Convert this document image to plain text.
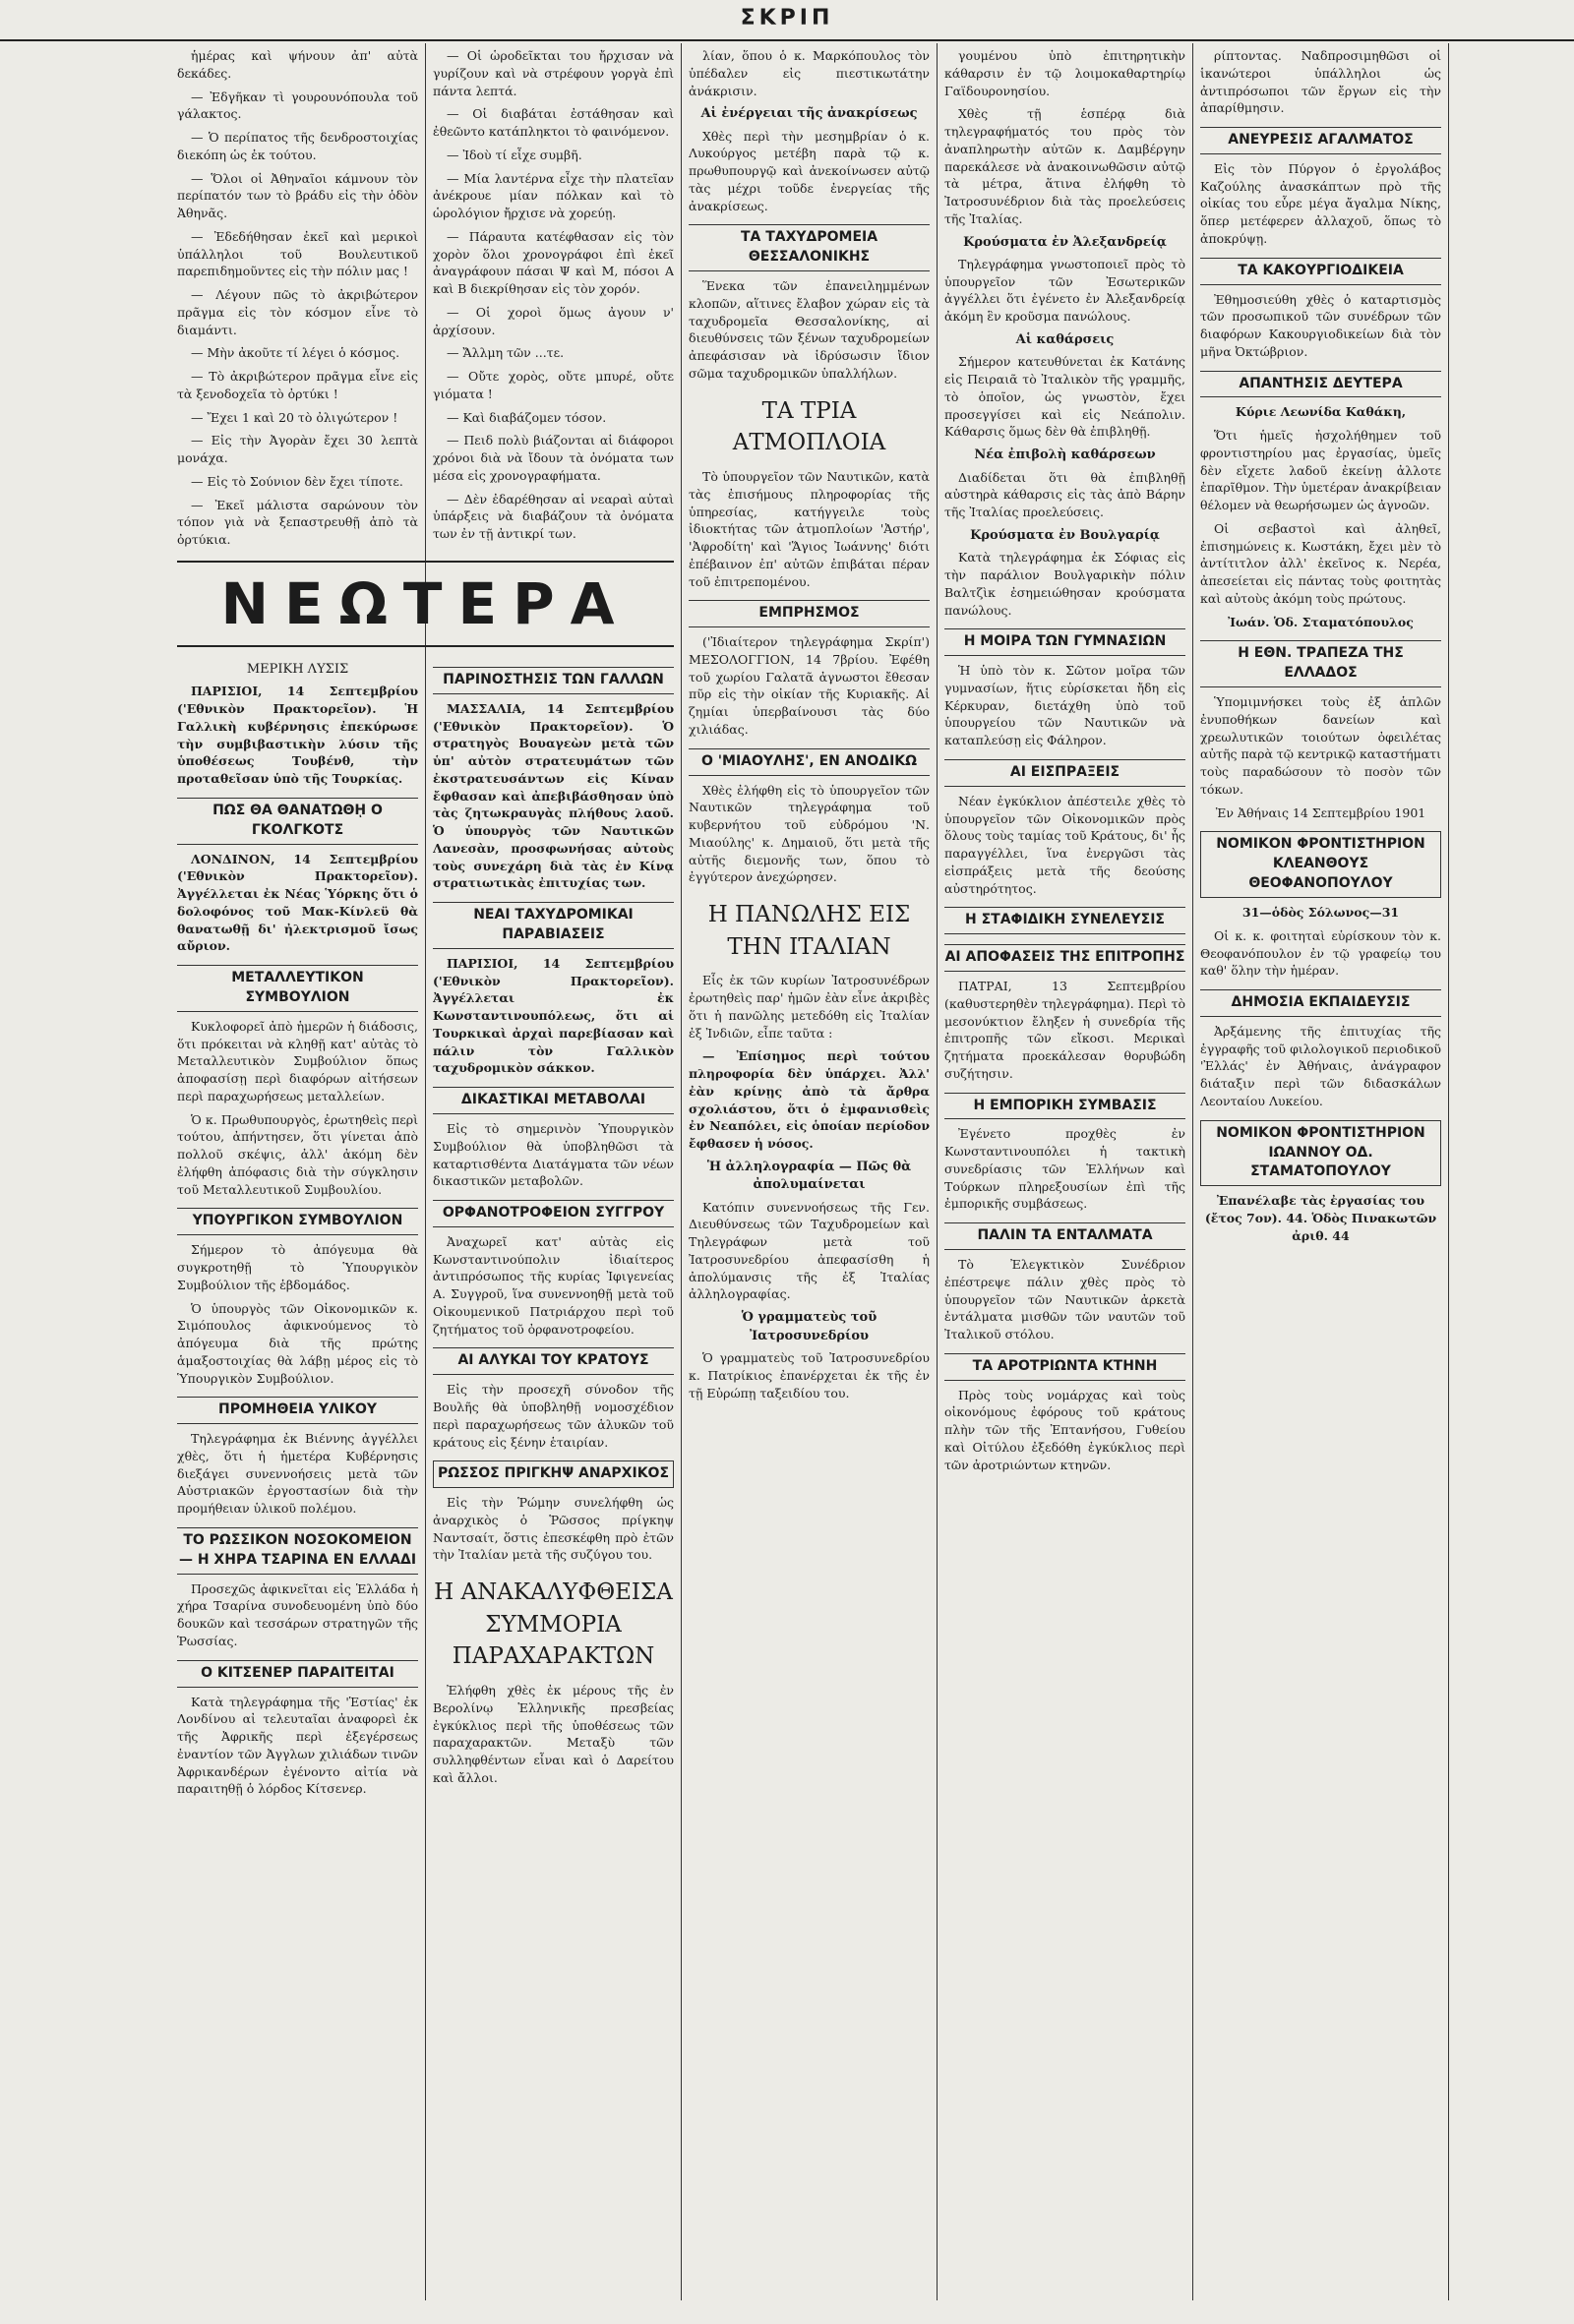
ΣΚΡΙΠ

ἡμέρας καὶ ψήνουν ἀπ' αὐτὰ δεκάδες.

— Ἐδγῆκαν τὶ γουρουνόπουλα τοῦ γάλακτος.

— Ὁ περίπατος τῆς δενδροστοιχίας διεκόπη ὡς ἐκ τούτου.

— Ὅλοι οἱ Ἀθηναῖοι κάμνουν τὸν περίπατόν των τὸ βράδυ εἰς τὴν ὁδὸν Ἀθηνᾶς.

— Ἐδεδήθησαν ἐκεῖ καὶ μερικοὶ ὑπάλληλοι τοῦ Βουλευτικοῦ παρεπιδημοῦντες εἰς τὴν πόλιν μας !

— Λέγουν πῶς τὸ ἀκριβώτερον πρᾶγμα εἰς τὸν κόσμον εἶνε τὸ διαμάντι.

— Μὴν ἀκοῦτε τί λέγει ὁ κόσμος.

— Τὸ ἀκριβώτερον πρᾶγμα εἶνε εἰς τὰ ξενοδοχεῖα τὸ ὀρτύκι !

— Ἔχει 1 καὶ 20 τὸ ὀλιγώτερον !

— Εἰς τὴν Ἀγορὰν ἔχει 30 λεπτὰ μονάχα.

— Εἰς τὸ Σούνιον δὲν ἔχει τίποτε.

— Ἐκεῖ μάλιστα σαρώνουν τὸν τόπον γιὰ νὰ ξεπαστρευθῇ ἀπὸ τὰ ὀρτύκια.

— Οἱ ὡροδεῖκται του ἤρχισαν νὰ γυρίζουν καὶ νὰ στρέφουν γοργὰ ἐπὶ πάντα λεπτά.

— Οἱ διαβάται ἐστάθησαν καὶ ἐθεῶντο κατάπληκτοι τὸ φαινόμενον.

— Ἰδοὺ τί εἶχε συμβῆ.

— Μία λαντέρνα εἶχε τὴν πλατεῖαν ἀνέκρουε μίαν πόλκαν καὶ τὸ ὡρολόγιον ἤρχισε νὰ χορεύῃ.

— Πάραυτα κατέφθασαν εἰς τὸν χορὸν ὅλοι χρονογράφοι ἐπὶ ἐκεῖ ἀναγράφουν πάσαι Ψ καὶ Μ, πόσοι Α καὶ Β διεκρίθησαν εἰς τὸν χορόν.

— Οἱ χοροὶ ὅμως ἀγουν ν' ἀρχίσουν.

— Ἄλλμη τῶν ...τε.

— Οὔτε χορὸς, οὔτε μπυρέ, οὔτε γιόματα !

— Καὶ διαβάζομεν τόσον.

— Πειδ πολὺ βιάζονται αἱ διάφοροι χρόνοι διὰ νὰ ἴδουν τὰ ὀνόματα των μέσα εἰς χρονογραφήματα.

— Δὲν ἐδαρέθησαν αἱ νεαραὶ αὐταὶ ὑπάρξεις νὰ διαβάζουν τὰ ὀνόματα των ἐν τῇ ἀντικρί των.

ΝΕΩΤΕΡΑ
ΜΕΡΙΚΗ ΛΥΣΙΣ

ΠΑΡΙΣΙΟΙ, 14 Σεπτεμβρίου ('Εθνικὸν Πρακτορεῖον). Ἡ Γαλλικὴ κυβέρνησις ἐπεκύρωσε τὴν συμβιβαστικὴν λύσιν τῆς ὑποθέσεως Τουβένθ, τὴν προταθεῖσαν ὑπὸ τῆς Τουρκίας.

ΠΩΣ ΘΑ ΘΑΝΑΤΩΘῌ Ο ΓΚΟΛΓΚΟΤΣ

ΛΟΝΔΙΝΟΝ, 14 Σεπτεμβρίου ('Εθνικὸν Πρακτορεῖον). Ἀγγέλλεται ἐκ Νέας Ὑόρκης ὅτι ὁ δολοφόνος τοῦ Μακ-Κίνλεϋ θὰ θανατωθῇ δι' ἠλεκτρισμοῦ ἴσως αὔριον.

ΜΕΤΑΛΛΕΥΤΙΚΟΝ ΣΥΜΒΟΥΛΙΟΝ

Κυκλοφορεῖ ἀπὸ ἡμερῶν ἡ διάδοσις, ὅτι πρόκειται νὰ κληθῇ κατ' αὐτὰς τὸ Μεταλλευτικὸν Συμβούλιον ὅπως ἀποφασίσῃ περὶ διαφόρων αἰτήσεων περὶ παραχωρήσεως μεταλλείων.

Ὁ κ. Πρωθυπουργὸς, ἐρωτηθεὶς περὶ τούτου, ἀπήντησεν, ὅτι γίνεται ἀπὸ πολλοῦ σκέψις, ἀλλ' ἀκόμη δὲν ἐλήφθη ἀπόφασις διὰ τὴν σύγκλησιν τοῦ Μεταλλευτικοῦ Συμβουλίου.

ΥΠΟΥΡΓΙΚΟΝ ΣΥΜΒΟΥΛΙΟΝ

Σήμερον τὸ ἀπόγευμα θὰ συγκροτηθῇ τὸ Ὑπουργικὸν Συμβούλιον τῆς ἑβδομάδος.

Ὁ ὑπουργὸς τῶν Οἰκονομικῶν κ. Σιμόπουλος ἀφικνούμενος τὸ ἀπόγευμα διὰ τῆς πρώτης ἁμαξοστοιχίας θὰ λάβῃ μέρος εἰς τὸ Ὑπουργικὸν Συμβούλιον.

ΠΡΟΜΗΘΕΙΑ ΥΛΙΚΟΥ

Τηλεγράφημα ἐκ Βιέννης ἀγγέλλει χθὲς, ὅτι ἡ ἡμετέρα Κυβέρνησις διεξάγει συνεννοήσεις μετὰ τῶν Αὐστριακῶν ἐργοστασίων διὰ τὴν προμήθειαν ὑλικοῦ πολέμου.

ΤΟ ΡΩΣΣΙΚΟΝ ΝΟΣΟΚΟΜΕΙΟΝ — Η ΧΗΡΑ ΤΣΑΡΙΝΑ ΕΝ ΕΛΛΑΔΙ

Προσεχῶς ἀφικνεῖται εἰς Ἑλλάδα ἡ χήρα Τσαρίνα συνοδευομένη ὑπὸ δύο δουκῶν καὶ τεσσάρων στρατηγῶν τῆς Ῥωσσίας.

Ο ΚΙΤΣΕΝΕΡ ΠΑΡΑΙΤΕΙΤΑΙ

Κατὰ τηλεγράφημα τῆς 'Ἑστίας' ἐκ Λονδίνου αἰ τελευταῖαι ἀναφορεὶ ἐκ τῆς Ἀφρικῆς περὶ ἐξεγέρσεως ἐναντίον τῶν Ἀγγλων χιλιάδων τινῶν Ἀφρικανδέρων ἐγένοντο αἰτία νὰ παραιτηθῇ ὁ λόρδος Κίτσενερ.

ΠΑΡΙΝΟΣΤΗΣΙΣ ΤΩΝ ΓΑΛΛΩΝ

ΜΑΣΣΑΛΙΑ, 14 Σεπτεμβρίου ('Εθνικὸν Πρακτορεῖον). Ὁ στρατηγὸς Βουαγεὼν μετὰ τῶν ὑπ' αὐτὸν στρατευμάτων τῶν ἐκστρατευσάντων εἰς Κίναν ἔφθασαν καὶ ἀπεβιβάσθησαν ὑπὸ τὰς ζητωκραυγὰς πλήθους λαοῦ. Ὁ ὑπουργὸς τῶν Ναυτικῶν Λανεσὰν, προσφωνήσας αὐτοὺς τοὺς συνεχάρη διὰ τὰς ἐν Κίνᾳ στρατιωτικὰς ἐπιτυχίας των.

ΝΕΑΙ ΤΑΧΥΔΡΟΜΙΚΑΙ ΠΑΡΑΒΙΑΣΕΙΣ

ΠΑΡΙΣΙΟΙ, 14 Σεπτεμβρίου ('Εθνικὸν Πρακτορεῖον). Ἀγγέλλεται ἐκ Κωνσταντινουπόλεως, ὅτι αἱ Τουρκικαὶ ἀρχαὶ παρεβίασαν καὶ πάλιν τὸν Γαλλικὸν ταχυδρομικὸν σάκκον.

ΔΙΚΑΣΤΙΚΑΙ ΜΕΤΑΒΟΛΑΙ

Εἰς τὸ σημερινὸν Ὑπουργικὸν Συμβούλιον θὰ ὑποβληθῶσι τὰ καταρτισθέντα Διατάγματα τῶν νέων δικαστικῶν μεταβολῶν.

ΟΡΦΑΝΟΤΡΟΦΕΙΟΝ ΣΥΓΓΡΟΥ

Ἀναχωρεῖ κατ' αὐτὰς εἰς Κωνσταντινούπολιν ἰδιαίτερος ἀντιπρόσωπος τῆς κυρίας Ἰφιγενείας Α. Συγγροῦ, ἵνα συνεννοηθῇ μετὰ τοῦ Οἰκουμενικοῦ Πατριάρχου περὶ τοῦ ζητήματος τοῦ ὀρφανοτροφείου.

ΑΙ ΑΛΥΚΑΙ ΤΟΥ ΚΡΑΤΟΥΣ

Εἰς τὴν προσεχῆ σύνοδον τῆς Βουλῆς θὰ ὑποβληθῇ νομοσχέδιον περὶ παραχωρήσεως τῶν ἁλυκῶν τοῦ κράτους εἰς ξένην ἑταιρίαν.

ΡΩΣΣΟΣ ΠΡΙΓΚΗΨ ΑΝΑΡΧΙΚΟΣ

Εἰς τὴν Ῥώμην συνελήφθη ὡς ἀναρχικὸς ὁ Ῥῶσσος πρίγκηψ Ναντσαίτ, ὅστις ἐπεσκέφθη πρὸ ἐτῶν τὴν Ἰταλίαν μετὰ τῆς συζύγου του.

Η ΑΝΑΚΑΛΥΦΘΕΙΣΑ ΣΥΜΜΟΡΙΑ ΠΑΡΑΧΑΡΑΚΤΩΝ

Ἐλήφθη χθὲς ἐκ μέρους τῆς ἐν Βερολίνῳ Ἑλληνικῆς πρεσβείας ἐγκύκλιος περὶ τῆς ὑποθέσεως τῶν παραχαρακτῶν. Μεταξὺ τῶν συλληφθέντων εἶναι καὶ ὁ Δαρείτου καὶ ἄλλοι.

λίαν, ὅπου ὁ κ. Μαρκόπουλος τὸν ὑπέδαλεν εἰς πιεστικωτάτην ἀνάκρισιν.

Αἱ ἐνέργειαι τῆς ἀνακρίσεως

Χθὲς περὶ τὴν μεσημβρίαν ὁ κ. Λυκούργος μετέβη παρὰ τῷ κ. πρωθυπουργῷ καὶ ἀνεκοίνωσεν αὐτῷ τὰς μέχρι τοῦδε ἐνεργείας τῆς ἀνακρίσεως.

ΤΑ ΤΑΧΥΔΡΟΜΕΙΑ ΘΕΣΣΑΛΟΝΙΚΗΣ

Ἕνεκα τῶν ἐπανειλημμένων κλοπῶν, αἵτινες ἔλαβον χώραν εἰς τὰ ταχυδρομεῖα Θεσσαλονίκης, αἱ διευθύνσεις τῶν ξένων ταχυδρομείων ἀπεφάσισαν νὰ ἱδρύσωσιν ἴδιον σῶμα ταχυδρομικῶν ὑπαλλήλων.

ΤΑ ΤΡΙΑ ΑΤΜΟΠΛΟΙΑ

Τὸ ὑπουργεῖον τῶν Ναυτικῶν, κατὰ τὰς ἐπισήμους πληροφορίας τῆς ὑπηρεσίας, κατήγγειλε τοὺς ἰδιοκτήτας τῶν ἀτμοπλοίων 'Ἀστήρ', 'Ἀφροδίτη' καὶ 'Ἅγιος Ἰωάννης' διότι ἐπέβαινον ἐπ' αὐτῶν ἐπιβάται πέραν τοῦ ἐπιτρεπομένου.

ΕΜΠΡΗΣΜΟΣ

('Ἰδιαίτερον τηλεγράφημα Σκρίπ') ΜΕΣΟΛΟΓΓΙΟΝ, 14 7βρίου. Ἐφέθη τοῦ χωρίου Γαλατᾶ ἀγνωστοι ἔθεσαν πῦρ εἰς τὴν οἰκίαν τῆς Κυριακῆς. Αἱ ζημίαι ὑπερβαίνουσι τὰς δύο χιλιάδας.

Ο 'ΜΙΑΟΥΛΗΣ', ΕΝ ΑΝΟΔΙΚΩ

Χθὲς ἐλήφθη εἰς τὸ ὑπουργεῖον τῶν Ναυτικῶν τηλεγράφημα τοῦ κυβερνήτου τοῦ εὐδρόμου 'Ν. Μιαούλης' κ. Δημαιοῦ, ὅτι μετὰ τῆς αὐτῆς διεμονῆς των, ὅπου τὸ ἐγγύτερον ἀνεχώρησεν.

Η ΠΑΝΩΛΗΣ ΕΙΣ ΤΗΝ ΙΤΑΛΙΑΝ

Εἷς ἐκ τῶν κυρίων Ἰατροσυνέδρων ἐρωτηθεὶς παρ' ἡμῶν ἐὰν εἶνε ἀκριβὲς ὅτι ἡ πανῶλης μετεδόθη εἰς Ἰταλίαν ἐξ Ἰνδιῶν, εἶπε ταῦτα :

— Ἐπίσημος περὶ τούτου πληροφορία δὲν ὑπάρχει. Ἀλλ' ἐὰν κρίνῃς ἀπὸ τὰ ἄρθρα σχολιάστου, ὅτι ὁ ἐμφανισθεὶς ἐν Νεαπόλει, εἰς ὁποίαν περίοδον ἔφθασεν ἡ νόσος.

Ἡ ἀλληλογραφία — Πῶς θὰ ἀπολυμαίνεται

Κατόπιν συνεννοήσεως τῆς Γεν. Διευθύνσεως τῶν Ταχυδρομείων καὶ Τηλεγράφων μετὰ τοῦ Ἰατροσυνεδρίου ἀπεφασίσθη ἡ ἀπολύμανσις τῆς ἐξ Ἰταλίας ἀλληλογραφίας.

Ὁ γραμματεὺς τοῦ Ἰατροσυνεδρίου

Ὁ γραμματεὺς τοῦ Ἰατροσυνεδρίου κ. Πατρίκιος ἐπανέρχεται ἐκ τῆς ἐν τῇ Εὐρώπῃ ταξειδίου του.

γουμένου ὑπὸ ἐπιτηρητικὴν κάθαρσιν ἐν τῷ λοιμοκαθαρτηρίῳ Γαϊδουρονησίου.

Χθὲς τῇ ἑσπέρᾳ διὰ τηλεγραφήματός του πρὸς τὸν ἀναπληρωτὴν αὐτῶν κ. Δαμβέργην παρεκάλεσε νὰ ἀνακοινωθῶσιν αὐτῷ τὰ μέτρα, ἅτινα ἐλήφθη τὸ Ἰατροσυνέδριον διὰ τὰς προελεύσεις τῆς Ἰταλίας.

Κρούσματα ἐν Ἀλεξανδρείᾳ

Τηλεγράφημα γνωστοποιεῖ πρὸς τὸ ὑπουργεῖον τῶν Ἐσωτερικῶν ἀγγέλλει ὅτι ἐγένετο ἐν Ἀλεξανδρείᾳ ἀκόμη ἓν κροῦσμα πανώλους.

Αἱ καθάρσεις

Σήμερον κατευθύνεται ἐκ Κατάνης εἰς Πειραιᾶ τὸ Ἰταλικὸν τῆς γραμμῆς, τὸ ὁποῖον, ὡς γνωστὸν, ἔχει προσεγγίσει καὶ εἰς Νεάπολιν. Κάθαρσις ὅμως δὲν θὰ ἐπιβληθῇ.

Νέα ἐπιβολὴ καθάρσεων

Διαδίδεται ὅτι θὰ ἐπιβληθῇ αὐστηρὰ κάθαρσις εἰς τὰς ἀπὸ Βάρην τῆς Ἰταλίας προελεύσεις.

Κρούσματα ἐν Βουλγαρίᾳ

Κατὰ τηλεγράφημα ἐκ Σόφιας εἰς τὴν παράλιον Βουλγαρικὴν πόλιν Βαλτζὶκ ἐσημειώθησαν κρούσματα πανώλους.

Η ΜΟΙΡΑ ΤΩΝ ΓΥΜΝΑΣΙΩΝ

Ἡ ὑπὸ τὸν κ. Σῶτον μοῖρα τῶν γυμνασίων, ἥτις εὑρίσκεται ἤδη εἰς Κέρκυραν, διετάχθη ὑπὸ τοῦ ὑπουργείου τῶν Ναυτικῶν νὰ καταπλεύσῃ εἰς Φάληρον.

ΑΙ ΕΙΣΠΡΑΞΕΙΣ

Νέαν ἐγκύκλιον ἀπέστειλε χθὲς τὸ ὑπουργεῖον τῶν Οἰκονομικῶν πρὸς ὅλους τοὺς ταμίας τοῦ Κράτους, δι' ἧς παραγγέλλει, ἵνα ἐνεργῶσι τὰς εἰσπράξεις μετὰ τῆς δεούσης αὐστηρότητος.

Η ΣΤΑΦΙΔΙΚΗ ΣΥΝΕΛΕΥΣΙΣ
ΑΙ ΑΠΟΦΑΣΕΙΣ ΤΗΣ ΕΠΙΤΡΟΠΗΣ

ΠΑΤΡΑΙ, 13 Σεπτεμβρίου (καθυστερηθὲν τηλεγράφημα). Περὶ τὸ μεσονύκτιον ἔληξεν ἡ συνεδρία τῆς ἐπιτροπῆς τῶν εἴκοσι. Μερικαὶ ζητήματα προεκάλεσαν θορυβώδη συζήτησιν.

Η ΕΜΠΟΡΙΚΗ ΣΥΜΒΑΣΙΣ

Ἐγένετο προχθὲς ἐν Κωνσταντινουπόλει ἡ τακτικὴ συνεδρίασις τῶν Ἑλλήνων καὶ Τούρκων πληρεξουσίων ἐπὶ τῆς ἐμπορικῆς συμβάσεως.

ΠΑΛΙΝ ΤΑ ΕΝΤΑΛΜΑΤΑ

Τὸ Ἐλεγκτικὸν Συνέδριον ἐπέστρεψε πάλιν χθὲς πρὸς τὸ ὑπουργεῖον τῶν Ναυτικῶν ἀρκετὰ ἐντάλματα μισθῶν τῶν ναυτῶν τοῦ Ἰταλικοῦ στόλου.

ΤΑ ΑΡΟΤΡΙΩΝΤΑ ΚΤΗΝΗ

Πρὸς τοὺς νομάρχας καὶ τοὺς οἰκονόμους ἐφόρους τοῦ κράτους πλὴν τῶν τῆς Ἐπτανήσου, Γυθείου καὶ Οἰτύλου ἐξεδόθη ἐγκύκλιος περὶ τῶν ἀροτριώντων κτηνῶν.

ρίπτοντας. Ναδπροσιμηθῶσι οἱ ἱκανώτεροι ὑπάλληλοι ὡς ἀντιπρόσωποι τῶν ἔργων εἰς τὴν ἀπαρίθμησιν.

ΑΝΕΥΡΕΣΙΣ ΑΓΑΛΜΑΤΟΣ

Εἰς τὸν Πύργον ὁ ἐργολάβος Καζούλης ἀνασκάπτων πρὸ τῆς οἰκίας του εὗρε μέγα ἄγαλμα Νίκης, ὅπερ μετέφερεν ἀλλαχοῦ, ὅπως τὸ ἀποκρύψῃ.

ΤΑ ΚΑΚΟΥΡΓΙΟΔΙΚΕΙΑ

Ἐθημοσιεύθη χθὲς ὁ καταρτισμὸς τῶν προσωπικοῦ τῶν συνέδρων τῶν διαφόρων Κακουργιοδικείων διὰ τὸν μῆνα Ὀκτώβριον.

ΑΠΑΝΤΗΣΙΣ ΔΕΥΤΕΡΑ

Κύριε Λεωνίδα Καθάκη,

Ὅτι ἡμεῖς ἠσχολήθημεν τοῦ φροντιστηρίου μας ἐργασίας, ὑμεῖς δὲν εἴχετε λαδοῦ ἐκείνῃ ἀλλοτε ἐπαρῖθμον. Τὴν ὑμετέραν ἀνακρίβειαν θέλομεν νὰ θεωρήσωμεν ὡς ἀγνοῶν.

Οἱ σεβαστοὶ καὶ ἀληθεῖ, ἐπισημώνεις κ. Κωστάκη, ἔχει μὲν τὸ ἀντίτιτλον ἀλλ' ἐκεῖνος κ. Νερέα, ἀπεσείεται εἰς πάντας τοὺς φοιτητὰς καὶ αὐτοὺς ἀκόμη τοὺς πρώτους.

Ἰωάν. Ὁδ. Σταματόπουλος

Η ΕΘΝ. ΤΡΑΠΕΖΑ ΤΗΣ ΕΛΛΑΔΟΣ

Ὑπομιμνήσκει τοὺς ἐξ ἁπλῶν ἐνυποθήκων δανείων καὶ χρεωλυτικῶν τοιούτων ὀφειλέτας αὐτῆς παρὰ τῷ κεντρικῷ καταστήματι τοὺς παραδώσουν τὸ ποσὸν τῶν τόκων.

Ἐν Ἀθήναις 14 Σεπτεμβρίου 1901

ΝΟΜΙΚΟΝ ΦΡΟΝΤΙΣΤΗΡΙΟΝ ΚΛΕΑΝΘΟΥΣ ΘΕΟΦΑΝΟΠΟΥΛΟΥ

31—ὁδὸς Σόλωνος—31

Οἱ κ. κ. φοιτηταὶ εὑρίσκουν τὸν κ. Θεοφανόπουλον ἐν τῷ γραφείῳ του καθ' ὅλην τὴν ἡμέραν.

ΔΗΜΟΣΙΑ ΕΚΠΑΙΔΕΥΣΙΣ

Ἀρξάμενης τῆς ἐπιτυχίας τῆς ἐγγραφῆς τοῦ φιλολογικοῦ περιοδικοῦ 'Ἐλλάς' ἐν Ἀθήναις, ἀνάγραφον διάταξιν περὶ τῶν διδασκάλων Λεονταίου Λυκείου.

ΝΟΜΙΚΟΝ ΦΡΟΝΤΙΣΤΗΡΙΟΝ ΙΩΑΝΝΟΥ ΟΔ. ΣΤΑΜΑΤΟΠΟΥΛΟΥ

Ἐπανέλαβε τὰς ἐργασίας του (ἔτος 7ον). 44. Ὁδὸς Πινακωτῶν ἀριθ. 44
